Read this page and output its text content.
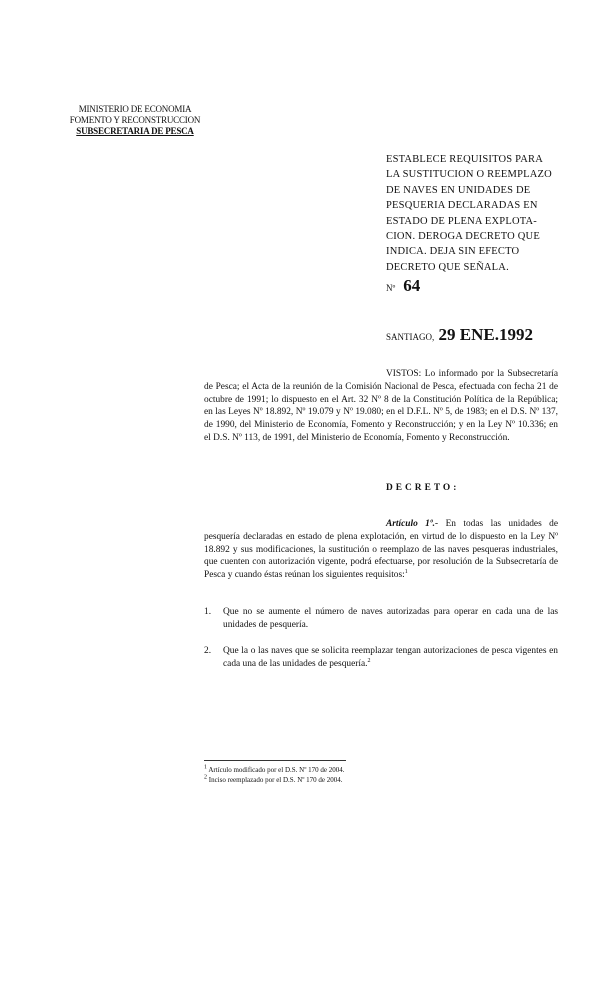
MINISTERIO DE ECONOMIA
FOMENTO Y RECONSTRUCCION
SUBSECRETARIA DE PESCA
ESTABLECE REQUISITOS PARA
LA SUSTITUCION O REEMPLAZO
DE NAVES EN UNIDADES DE
PESQUERIA DECLARADAS EN
ESTADO DE PLENA EXPLOTA-
CION. DEROGA DECRETO QUE
INDICA. DEJA SIN EFECTO
DECRETO QUE SEÑALA.
Nº 64
SANTIAGO, 29 ENE.1992
VISTOS: Lo informado por la Subsecretaría de Pesca; el Acta de la reunión de la Comisión Nacional de Pesca, efectuada con fecha 21 de octubre de 1991; lo dispuesto en el Art. 32 Nº 8 de la Constitución Política de la República; en las Leyes Nº 18.892, Nº 19.079 y Nº 19.080; en el D.F.L. Nº 5, de 1983; en el D.S. Nº 137, de 1990, del Ministerio de Economía, Fomento y Reconstrucción; y en la Ley Nº 10.336; en el D.S. Nº 113, de 1991, del Ministerio de Economía, Fomento y Reconstrucción.
DECRETO:
Artículo 1º.- En todas las unidades de pesquería declaradas en estado de plena explotación, en virtud de lo dispuesto en la Ley Nº 18.892 y sus modificaciones, la sustitución o reemplazo de las naves pesqueras industriales, que cuenten con autorización vigente, podrá efectuarse, por resolución de la Subsecretaría de Pesca y cuando éstas reúnan los siguientes requisitos:$^1$
1.	Que no se aumente el número de naves autorizadas para operar en cada una de las unidades de pesquería.
2.	Que la o las naves que se solicita reemplazar tengan autorizaciones de pesca vigentes en cada una de las unidades de pesquería.$^2$
1 Artículo modificado por el D.S. Nº 170 de 2004.
2 Inciso reemplazado por el D.S. Nº 170 de 2004.
